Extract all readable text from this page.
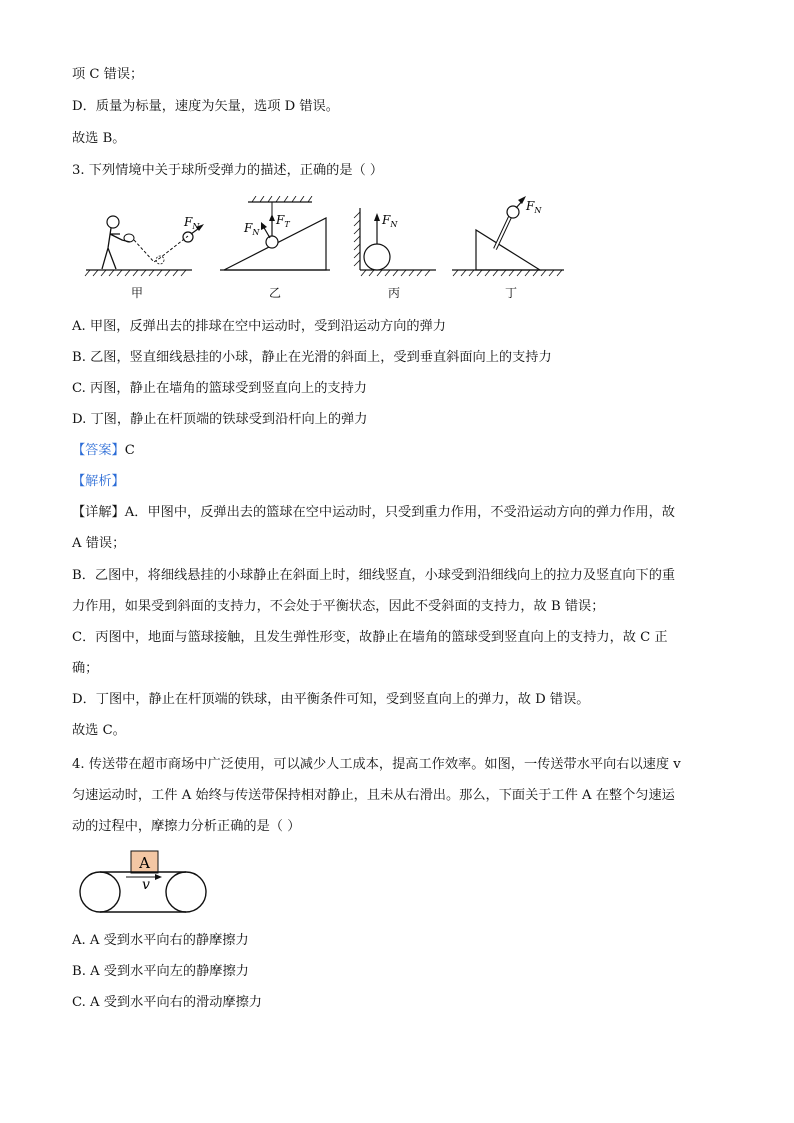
项 C 错误；
D．质量为标量，速度为矢量，选项 D 错误。
故选 B。
3. 下列情境中关于球所受弹力的描述，正确的是（ ）
$F_N$	$F_T$
$F_N$
$F_N$
$F_N$
甲	乙	丙	丁
A. 甲图，反弹出去的排球在空中运动时，受到沿运动方向的弹力
B. 乙图，竖直细线悬挂的小球，静止在光滑的斜面上，受到垂直斜面向上的支持力
C. 丙图，静止在墙角的篮球受到竖直向上的支持力
D. 丁图，静止在杆顶端的铁球受到沿杆向上的弹力
【答案】C
【解析】
【详解】A．甲图中，反弹出去的篮球在空中运动时，只受到重力作用，不受沿运动方向的弹力作用，故
A 错误；
B．乙图中，将细线悬挂的小球静止在斜面上时，细线竖直，小球受到沿细线向上的拉力及竖直向下的重
力作用，如果受到斜面的支持力，不会处于平衡状态，因此不受斜面的支持力，故 B 错误；
C．丙图中，地面与篮球接触，且发生弹性形变，故静止在墙角的篮球受到竖直向上的支持力，故 C 正
确；
D．丁图中，静止在杆顶端的铁球，由平衡条件可知，受到竖直向上的弹力，故 D 错误。
故选 C。
4. 传送带在超市商场中广泛使用，可以减少人工成本，提高工作效率。如图，一传送带水平向右以速度 v
匀速运动时，工件 A 始终与传送带保持相对静止，且未从右滑出。那么，下面关于工件 A 在整个匀速运
动的过程中，摩擦力分析正确的是（ ）
A
v
A. A 受到水平向右的静摩擦力
B. A 受到水平向左的静摩擦力
C. A 受到水平向右的滑动摩擦力
